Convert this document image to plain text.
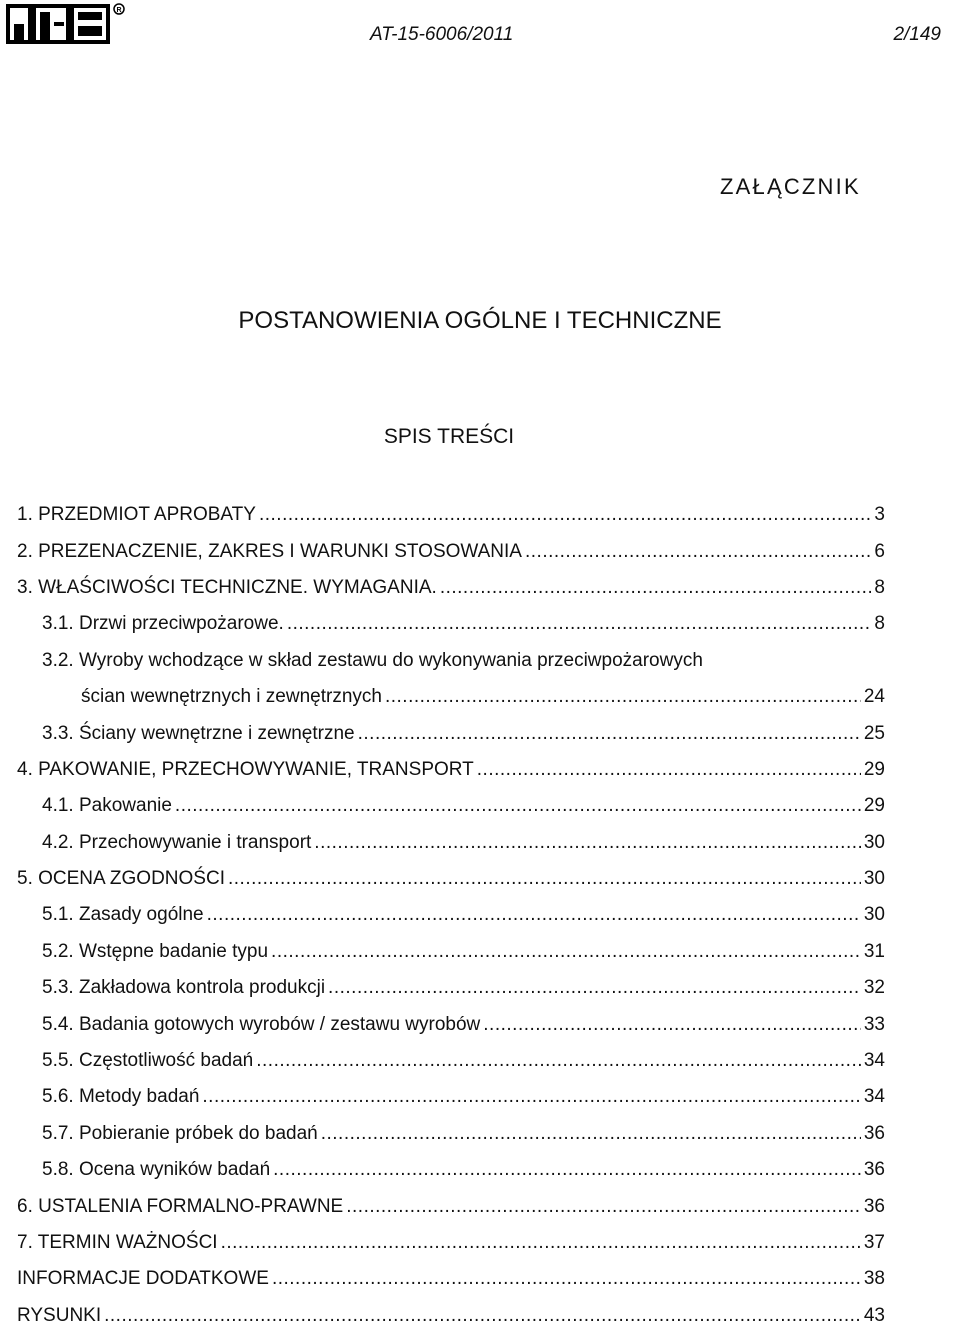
R
AT-15-6006/2011	2/149
ZAŁĄCZNIK
POSTANOWIENIA OGÓLNE I TECHNICZNE
SPIS TREŚCI
1. PRZEDMIOT APROBATY .....	3
2. PREZENACZENIE, ZAKRES I WARUNKI STOSOWANIA .....	6
3. WŁAŚCIWOŚCI TECHNICZNE. WYMAGANIA. .....	8
3.1. Drzwi przeciwpożarowe. .....	8
3.2. Wyroby wchodzące w skład zestawu do wykonywania przeciwpożarowych
ścian wewnętrznych i zewnętrznych .....	24
3.3. Ściany wewnętrzne i zewnętrzne .....	25
4. PAKOWANIE, PRZECHOWYWANIE, TRANSPORT .....	29
4.1. Pakowanie .....	29
4.2. Przechowywanie i transport .....	30
5. OCENA ZGODNOŚCI .....	30
5.1. Zasady ogólne .....	30
5.2. Wstępne badanie typu .....	31
5.3. Zakładowa kontrola produkcji .....	32
5.4. Badania gotowych wyrobów / zestawu wyrobów .....	33
5.5. Częstotliwość badań .....	34
5.6. Metody badań .....	34
5.7. Pobieranie próbek do badań .....	36
5.8. Ocena wyników badań .....	36
6. USTALENIA FORMALNO-PRAWNE .....	36
7. TERMIN WAŻNOŚCI .....	37
INFORMACJE DODATKOWE .....	38
RYSUNKI .....	43
